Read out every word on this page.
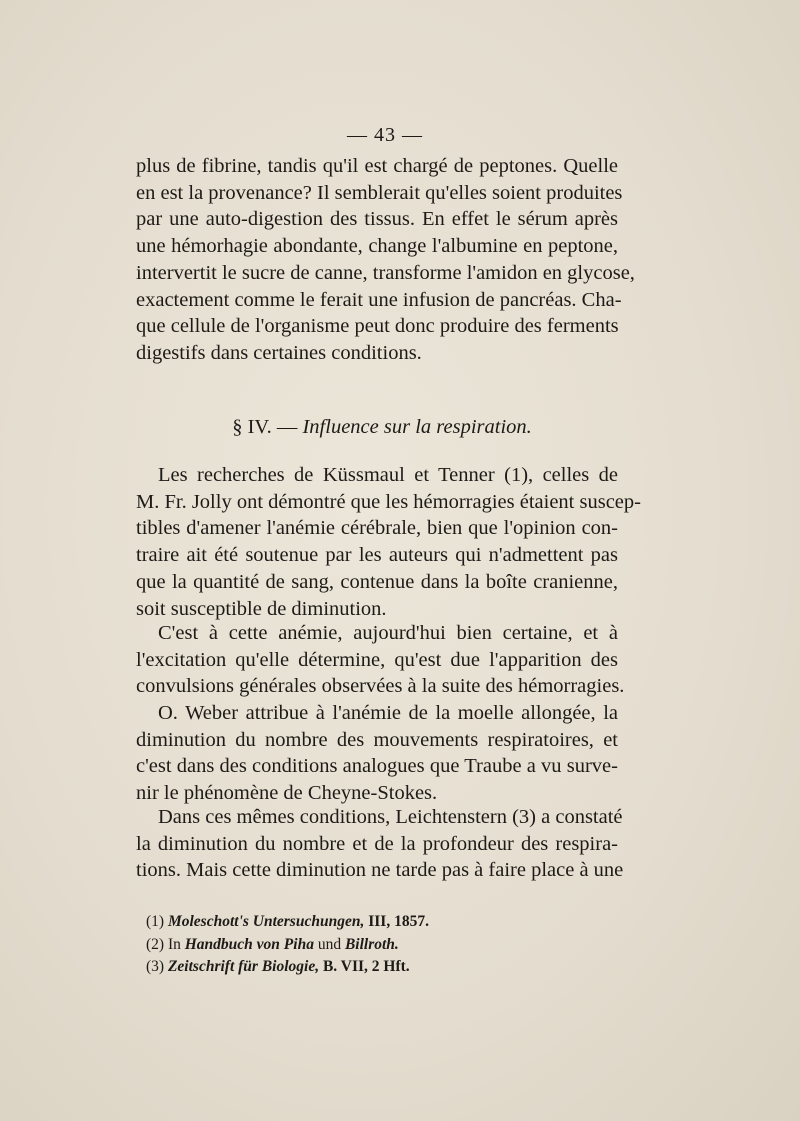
— 43 —

plus de fibrine, tandis qu'il est chargé de peptones. Quelle

en est la provenance? Il semblerait qu'elles soient produites

par une auto-digestion des tissus. En effet le sérum après

une hémorhagie abondante, change l'albumine en peptone,

intervertit le sucre de canne, transforme l'amidon en glycose,

exactement comme le ferait une infusion de pancréas. Cha-

que cellule de l'organisme peut donc produire des ferments

digestifs dans certaines conditions.

§ IV. — Influence sur la respiration.

Les recherches de Küssmaul et Tenner (1), celles de

M. Fr. Jolly ont démontré que les hémorragies étaient suscep-

tibles d'amener l'anémie cérébrale, bien que l'opinion con-

traire ait été soutenue par les auteurs qui n'admettent pas

que la quantité de sang, contenue dans la boîte cranienne,

soit susceptible de diminution.

C'est à cette anémie, aujourd'hui bien certaine, et à

l'excitation qu'elle détermine, qu'est due l'apparition des

convulsions générales observées à la suite des hémorragies.

O. Weber attribue à l'anémie de la moelle allongée, la

diminution du nombre des mouvements respiratoires, et

c'est dans des conditions analogues que Traube a vu surve-

nir le phénomène de Cheyne-Stokes.

Dans ces mêmes conditions, Leichtenstern (3) a constaté

la diminution du nombre et de la profondeur des respira-

tions. Mais cette diminution ne tarde pas à faire place à une

(1) Moleschott's Untersuchungen, III, 1857.

(2) In Handbuch von Piha und Billroth.

(3) Zeitschrift für Biologie, B. VII, 2 Hft.
